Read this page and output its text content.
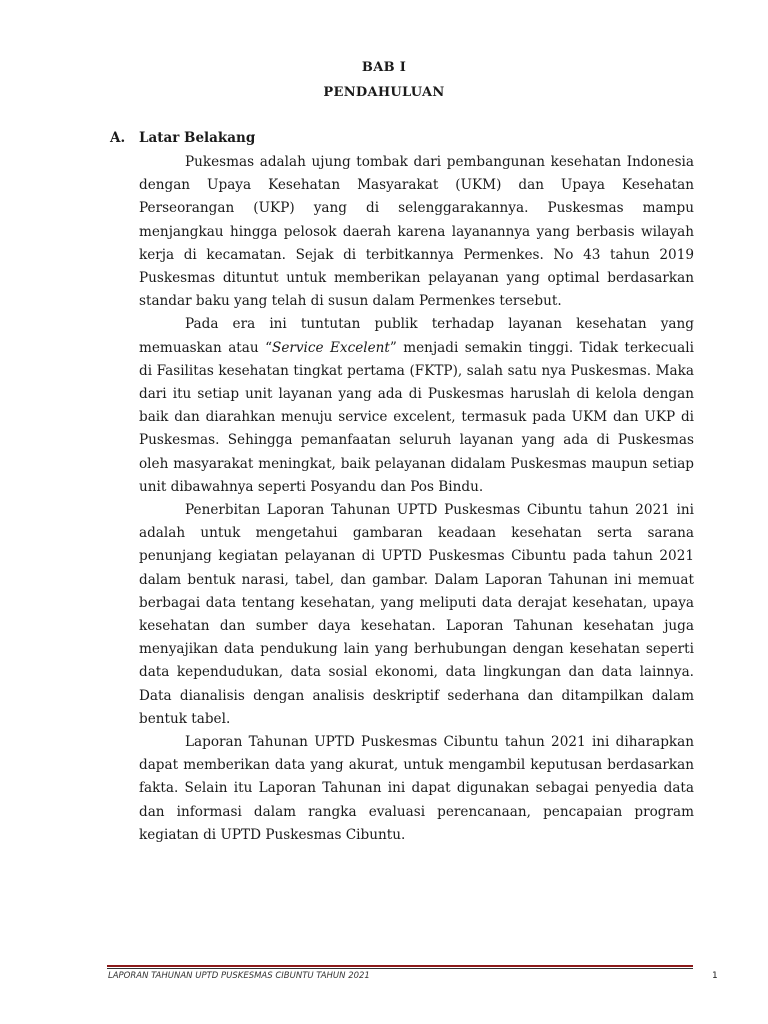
BAB I
PENDAHULUAN
A. Latar Belakang

Pukesmas adalah ujung tombak dari pembangunan kesehatan Indonesia dengan Upaya Kesehatan Masyarakat (UKM) dan Upaya Kesehatan Perseorangan (UKP) yang di selenggarakannya. Puskesmas mampu menjangkau hingga pelosok daerah karena layanannya yang berbasis wilayah kerja di kecamatan. Sejak di terbitkannya Permenkes. No 43 tahun 2019 Puskesmas dituntut untuk memberikan pelayanan yang optimal berdasarkan standar baku yang telah di susun dalam Permenkes tersebut.

Pada era ini tuntutan publik terhadap layanan kesehatan yang memuaskan atau “Service Excelent” menjadi semakin tinggi. Tidak terkecuali di Fasilitas kesehatan tingkat pertama (FKTP), salah satu nya Puskesmas. Maka dari itu setiap unit layanan yang ada di Puskesmas haruslah di kelola dengan baik dan diarahkan menuju service excelent, termasuk pada UKM dan UKP di Puskesmas. Sehingga pemanfaatan seluruh layanan yang ada di Puskesmas oleh masyarakat meningkat, baik pelayanan didalam Puskesmas maupun setiap unit dibawahnya seperti Posyandu dan Pos Bindu.

Penerbitan Laporan Tahunan UPTD Puskesmas Cibuntu tahun 2021 ini adalah untuk mengetahui gambaran keadaan kesehatan serta sarana penunjang kegiatan pelayanan di UPTD Puskesmas Cibuntu pada tahun 2021 dalam bentuk narasi, tabel, dan gambar. Dalam Laporan Tahunan ini memuat berbagai data tentang kesehatan, yang meliputi data derajat kesehatan, upaya kesehatan dan sumber daya kesehatan. Laporan Tahunan kesehatan juga menyajikan data pendukung lain yang berhubungan dengan kesehatan seperti data kependudukan, data sosial ekonomi, data lingkungan dan data lainnya. Data dianalisis dengan analisis deskriptif sederhana dan ditampilkan dalam bentuk tabel.

Laporan Tahunan UPTD Puskesmas Cibuntu tahun 2021 ini diharapkan dapat memberikan data yang akurat, untuk mengambil keputusan berdasarkan fakta. Selain itu Laporan Tahunan ini dapat digunakan sebagai penyedia data dan informasi dalam rangka evaluasi perencanaan, pencapaian program kegiatan di UPTD Puskesmas Cibuntu.

LAPORAN TAHUNAN UPTD PUSKESMAS CIBUNTU TAHUN 2021	1
